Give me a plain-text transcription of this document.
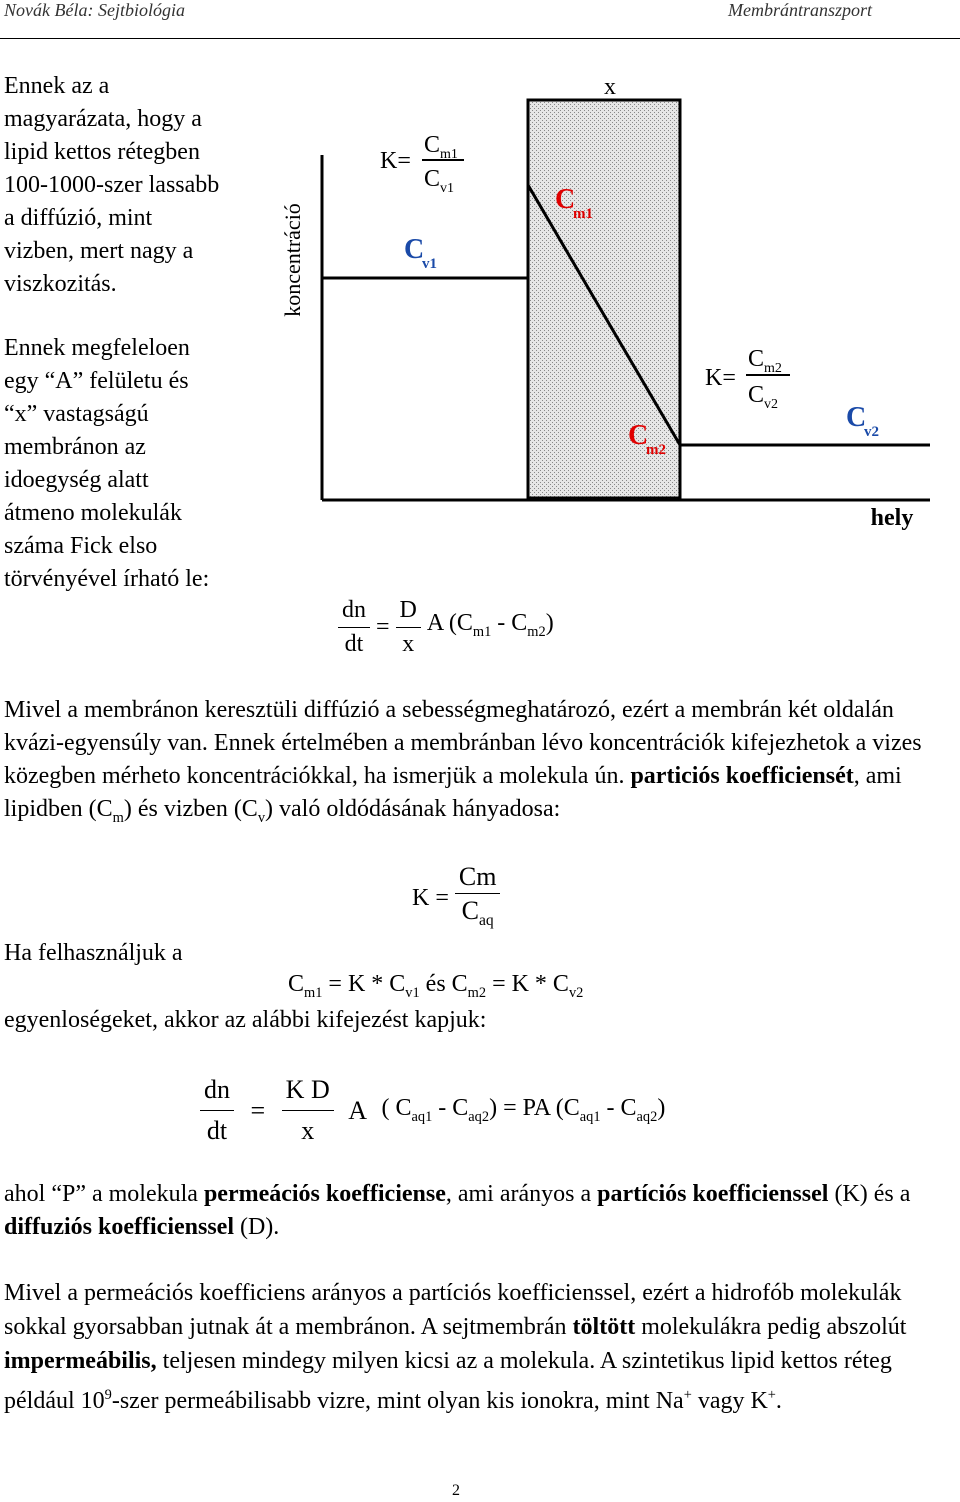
Novák Béla: Sejtbiológia	Membrántranszport

Ennek az a

magyarázata, hogy a

lipid kettos rétegben

100-1000-szer lassabb

a diffúzió, mint

vizben, mert nagy a

viszkozitás.

Ennek megfeleloen

egy “A” felületu és

“x” vastagságú

membránon az

idoegység alatt

átmeno molekulák

száma Fick elso

törvényével írható le:

koncentráció
x
hely
K=
C m1
C v1
K=
C m2
C v2
C
v1
C
m1
C
m2
C
v2
$\frac{dn}{dt} = \frac{D}{x}$ A $(C_{m1} - C_{m2})$
Mivel a membránon keresztüli diffúzió a sebességmeghatározó, ezért a membrán két oldalán kvázi-egyensúly van. Ennek értelmében a membránban lévo koncentrációk kifejezhetok a vizes közegben mérheto koncentrációkkal, ha ismerjük a molekula ún. particiós koefficiensét, ami lipidben $(C_m)$ és vizben $(C_v)$ való oldódásának hányadosa:
$K = \frac{Cm}{C_{aq}}$
Ha felhasználjuk a
$C_{m1} = K * C_{v1}$ és $C_{m2} = K * C_{v2}$
egyenloségeket, akkor az alábbi kifejezést kapjuk:
$\frac{dn}{dt} = \frac{\text{K D}}{x}$ A ( $C_{aq1} - C_{aq2}$) = PA $(C_{aq1} - C_{aq2})$
ahol “P” a molekula permeációs koefficiense, ami arányos a partíciós koefficienssel (K) és a diffuziós koefficienssel (D).
Mivel a permeációs koefficiens arányos a partíciós koefficienssel, ezért a hidrofób molekulák sokkal gyorsabban jutnak át a membránon. A sejtmembrán töltött molekulákra pedig abszolút impermeábilis, teljesen mindegy milyen kicsi az a molekula. A szintetikus lipid kettos réteg például $10^9$-szer permeábilisabb vizre, mint olyan kis ionokra, mint Na+ vagy K+.
2
